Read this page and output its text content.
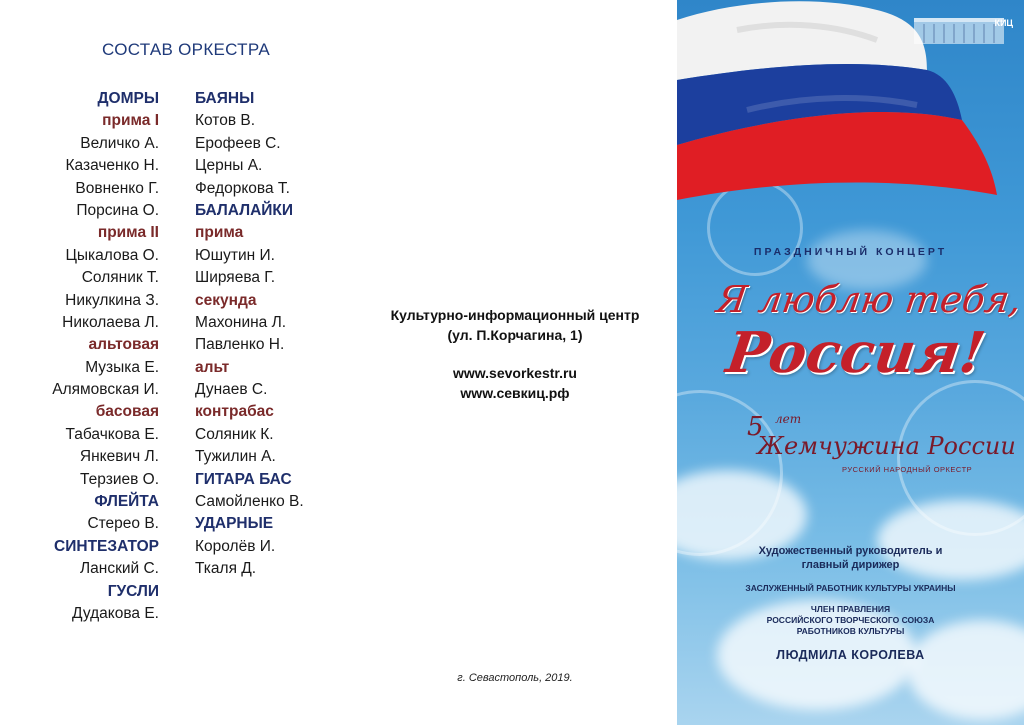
СОСТАВ ОРКЕСТРА
ДОМРЫ
прима I
Величко А.
Казаченко Н.
Вовненко Г.
Порсина О.
прима II
Цыкалова О.
Соляник Т.
Никулкина З.
Николаева Л.
альтовая
Музыка Е.
Алямовская И.
басовая
Табачкова Е.
Янкевич Л.
Терзиев О.
ФЛЕЙТА
Стерео В.
СИНТЕЗАТОР
Ланский С.
ГУСЛИ
Дудакова Е.
БАЯНЫ
Котов В.
Ерофеев С.
Церны А.
Федоркова Т.
БАЛАЛАЙКИ
прима
Юшутин И.
Ширяева Г.
секунда
Махонина Л.
Павленко Н.
альт
Дунаев С.
контрабас
Соляник К.
Тужилин А.
ГИТАРА БАС
Самойленко В.
УДАРНЫЕ
Королёв И.
Ткаля Д.
Культурно-информационный центр
(ул. П.Корчагина, 1)
www.sevorkestr.ru
www.севкиц.рф
г. Севастополь, 2019.
КИЦ
ПРАЗДНИЧНЫЙ КОНЦЕРТ
Я люблю тебя,
Россия!
5 лет
Жемчужина России
РУССКИЙ НАРОДНЫЙ ОРКЕСТР
Художественный руководитель и
главный дирижер
ЗАСЛУЖЕННЫЙ РАБОТНИК КУЛЬТУРЫ УКРАИНЫ
ЧЛЕН ПРАВЛЕНИЯ
РОССИЙСКОГО ТВОРЧЕСКОГО СОЮЗА
РАБОТНИКОВ КУЛЬТУРЫ
ЛЮДМИЛА КОРОЛЕВА
